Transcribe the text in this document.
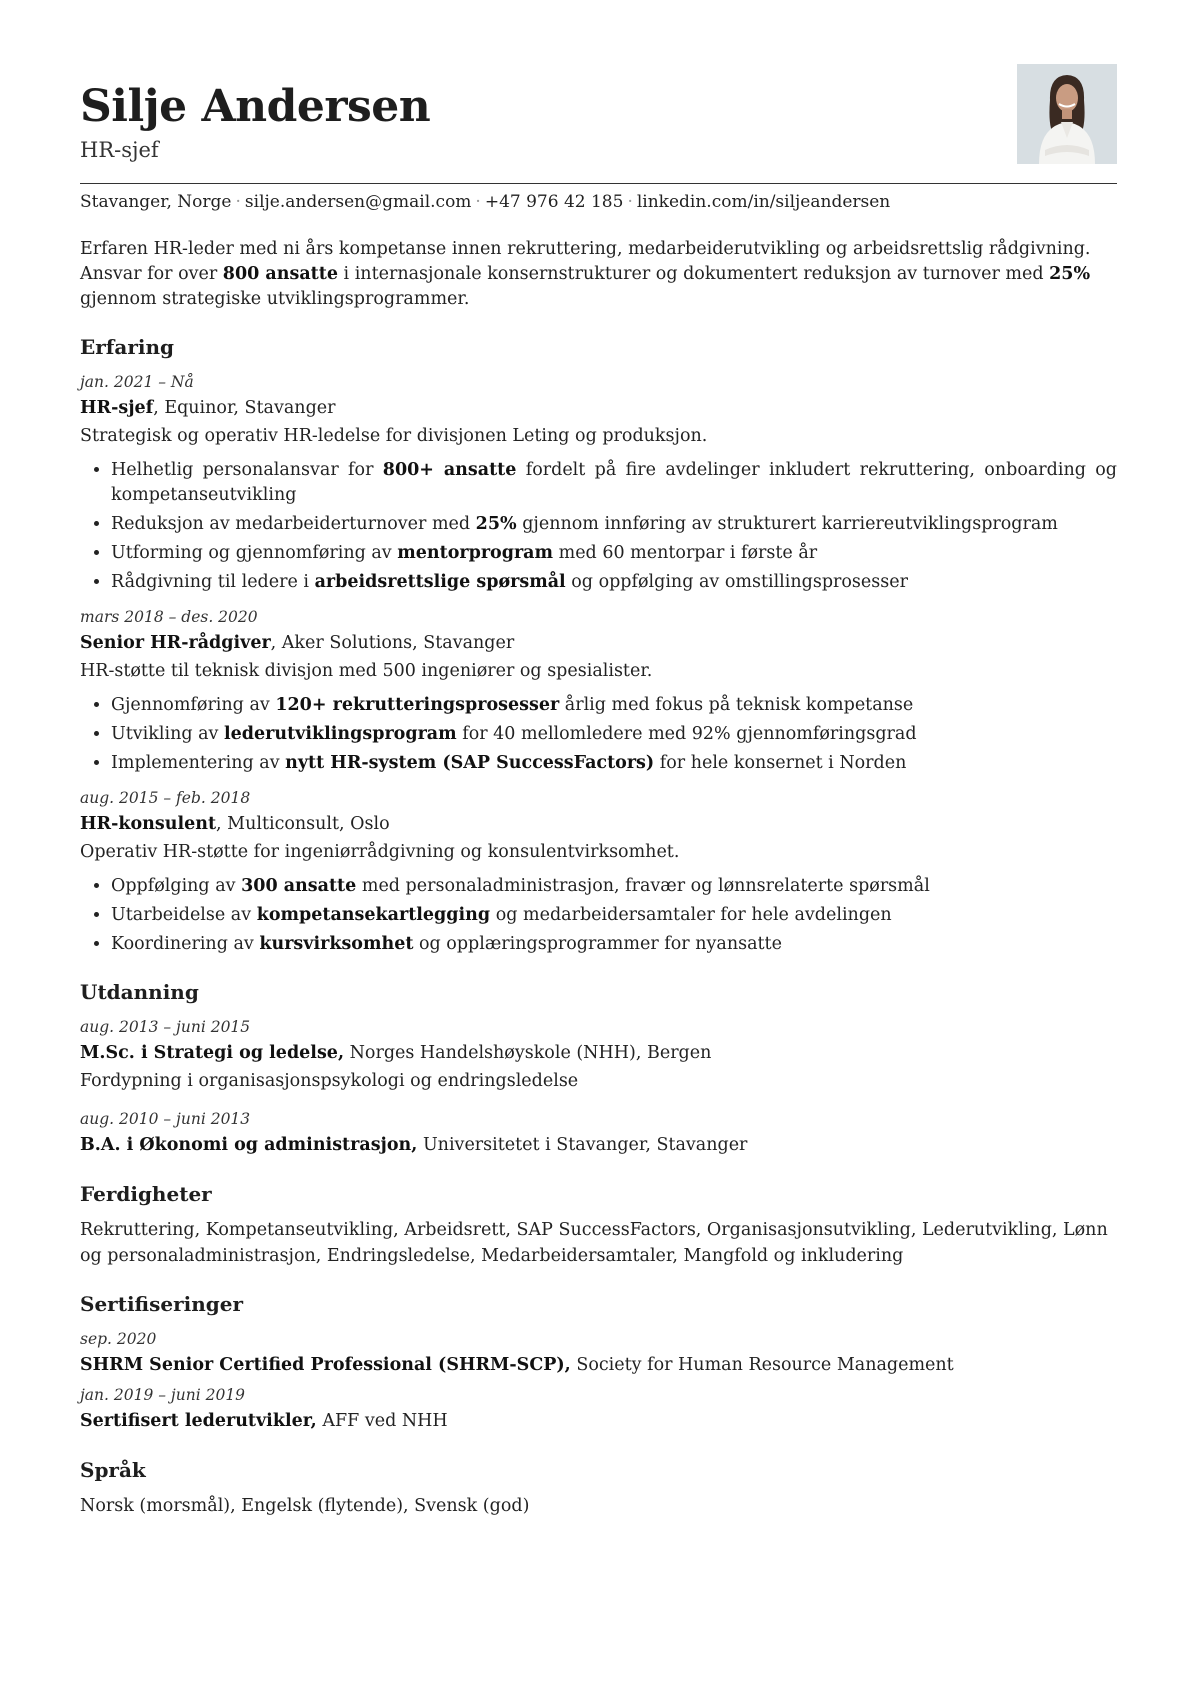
Silje Andersen
HR-sjef
Stavanger, Norge · silje.andersen@gmail.com · +47 976 42 185 · linkedin.com/in/siljeandersen

Erfaren HR-leder med ni års kompetanse innen rekruttering, medarbeiderutvikling og arbeidsrettslig rådgivning. Ansvar for over 800 ansatte i internasjonale konsernstrukturer og dokumentert reduksjon av turnover med 25% gjennom strategiske utviklingsprogrammer.

Erfaring
jan. 2021 – Nå
HR-sjef, Equinor, Stavanger
Strategisk og operativ HR-ledelse for divisjonen Leting og produksjon.
• Helhetlig personalansvar for 800+ ansatte fordelt på fire avdelinger inkludert rekruttering, onboarding og kompetanseutvikling
• Reduksjon av medarbeiderturnover med 25% gjennom innføring av strukturert karriereutviklingsprogram
• Utforming og gjennomføring av mentorprogram med 60 mentorpar i første år
• Rådgivning til ledere i arbeidsrettslige spørsmål og oppfølging av omstillingsprosesser
mars 2018 – des. 2020
Senior HR-rådgiver, Aker Solutions, Stavanger
HR-støtte til teknisk divisjon med 500 ingeniører og spesialister.
• Gjennomføring av 120+ rekrutteringsprosesser årlig med fokus på teknisk kompetanse
• Utvikling av lederutviklingsprogram for 40 mellomledere med 92% gjennomføringsgrad
• Implementering av nytt HR-system (SAP SuccessFactors) for hele konsernet i Norden
aug. 2015 – feb. 2018
HR-konsulent, Multiconsult, Oslo
Operativ HR-støtte for ingeniørrådgivning og konsulentvirksomhet.
• Oppfølging av 300 ansatte med personaladministrasjon, fravær og lønnsrelaterte spørsmål
• Utarbeidelse av kompetansekartlegging og medarbeidersamtaler for hele avdelingen
• Koordinering av kursvirksomhet og opplæringsprogrammer for nyansatte
Utdanning
aug. 2013 – juni 2015
M.Sc. i Strategi og ledelse, Norges Handelshøyskole (NHH), Bergen
Fordypning i organisasjonspsykologi og endringsledelse
aug. 2010 – juni 2013
B.A. i Økonomi og administrasjon, Universitetet i Stavanger, Stavanger
Ferdigheter
Rekruttering, Kompetanseutvikling, Arbeidsrett, SAP SuccessFactors, Organisasjonsutvikling, Lederutvikling, Lønn og personaladministrasjon, Endringsledelse, Medarbeidersamtaler, Mangfold og inkludering
Sertifiseringer
sep. 2020
SHRM Senior Certified Professional (SHRM-SCP), Society for Human Resource Management
jan. 2019 – juni 2019
Sertifisert lederutvikler, AFF ved NHH
Språk
Norsk (morsmål), Engelsk (flytende), Svensk (god)
